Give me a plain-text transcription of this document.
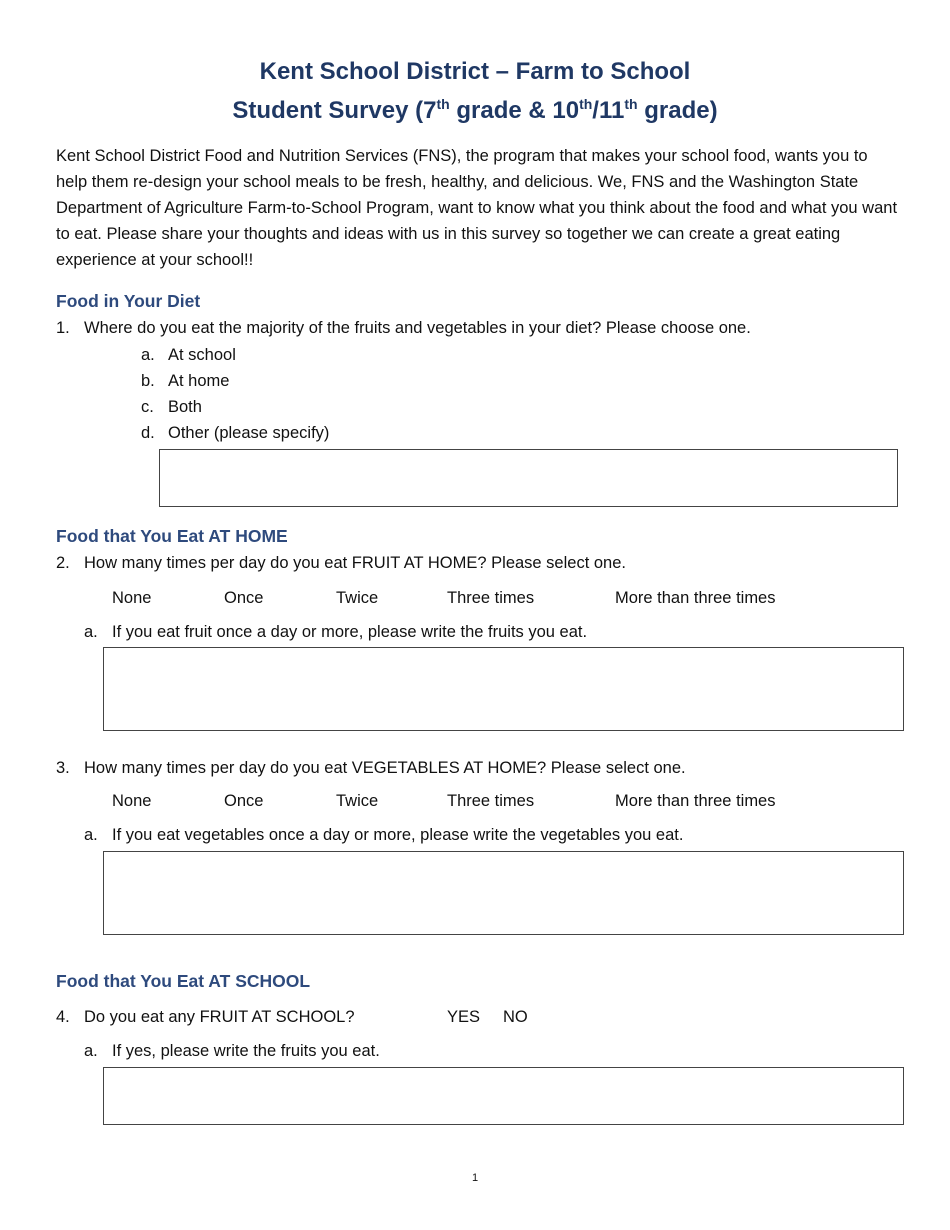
Kent School District – Farm to School
Student Survey (7th grade & 10th/11th grade)
Kent School District Food and Nutrition Services (FNS), the program that makes your school food, wants you to help them re-design your school meals to be fresh, healthy, and delicious. We, FNS and the Washington State Department of Agriculture Farm-to-School Program, want to know what you think about the food and what you want to eat. Please share your thoughts and ideas with us in this survey so together we can create a great eating experience at your school!!
Food in Your Diet
1. Where do you eat the majority of the fruits and vegetables in your diet? Please choose one.
a. At school
b. At home
c. Both
d. Other (please specify)
Food that You Eat AT HOME
2. How many times per day do you eat FRUIT AT HOME? Please select one.
None	Once	Twice	Three times	More than three times
a. If you eat fruit once a day or more, please write the fruits you eat.
3. How many times per day do you eat VEGETABLES AT HOME? Please select one.
None	Once	Twice	Three times	More than three times
a. If you eat vegetables once a day or more, please write the vegetables you eat.
Food that You Eat AT SCHOOL
4. Do you eat any FRUIT AT SCHOOL?	YES NO
a. If yes, please write the fruits you eat.
1
